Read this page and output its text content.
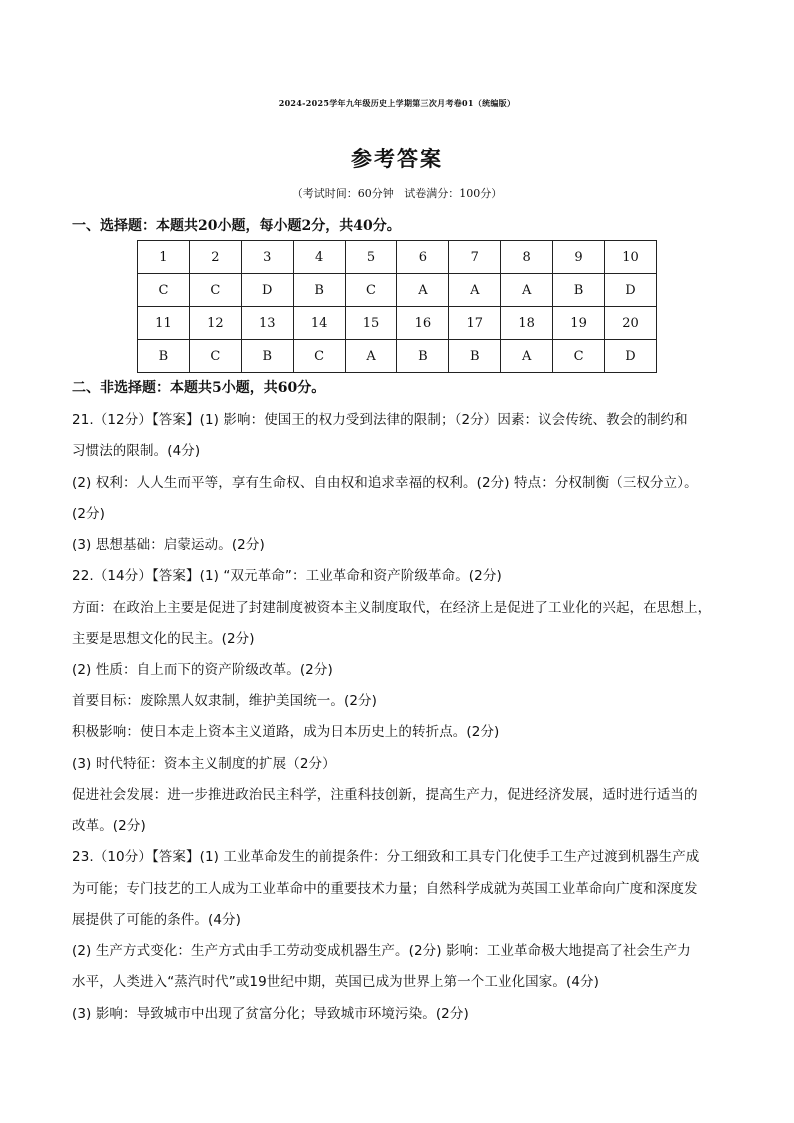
2024-2025学年九年级历史上学期第三次月考卷01（统编版）
参考答案
（考试时间：60分钟   试卷满分：100分）
一、选择题：本题共20小题，每小题2分，共40分。
1	2	3	4	5	6	7	8	9	10
C	C	D	B	C	A	A	A	B	D
11	12	13	14	15	16	17	18	19	20
B	C	B	C	A	B	B	A	C	D
二、非选择题：本题共5小题，共60分。
21.（12分）【答案】(1) 影响：使国王的权力受到法律的限制；（2分）因素：议会传统、教会的制约和
习惯法的限制。(4分)
(2) 权利：人人生而平等，享有生命权、自由权和追求幸福的权利。(2分) 特点：分权制衡（三权分立）。
(2分)
(3) 思想基础：启蒙运动。(2分)
22.（14分）【答案】(1) “双元革命”：工业革命和资产阶级革命。(2分)
方面：在政治上主要是促进了封建制度被资本主义制度取代，在经济上是促进了工业化的兴起，在思想上，
主要是思想文化的民主。(2分)
(2) 性质：自上而下的资产阶级改革。(2分)
首要目标：废除黑人奴隶制，维护美国统一。(2分)
积极影响：使日本走上资本主义道路，成为日本历史上的转折点。(2分)
(3) 时代特征：资本主义制度的扩展（2分）
促进社会发展：进一步推进政治民主科学，注重科技创新，提高生产力，促进经济发展，适时进行适当的
改革。(2分)
23.（10分）【答案】(1) 工业革命发生的前提条件：分工细致和工具专门化使手工生产过渡到机器生产成
为可能；专门技艺的工人成为工业革命中的重要技术力量；自然科学成就为英国工业革命向广度和深度发
展提供了可能的条件。(4分)
(2) 生产方式变化：生产方式由手工劳动变成机器生产。(2分) 影响：工业革命极大地提高了社会生产力
水平，人类进入“蒸汽时代”或19世纪中期，英国已成为世界上第一个工业化国家。(4分)
(3) 影响：导致城市中出现了贫富分化；导致城市环境污染。(2分)
